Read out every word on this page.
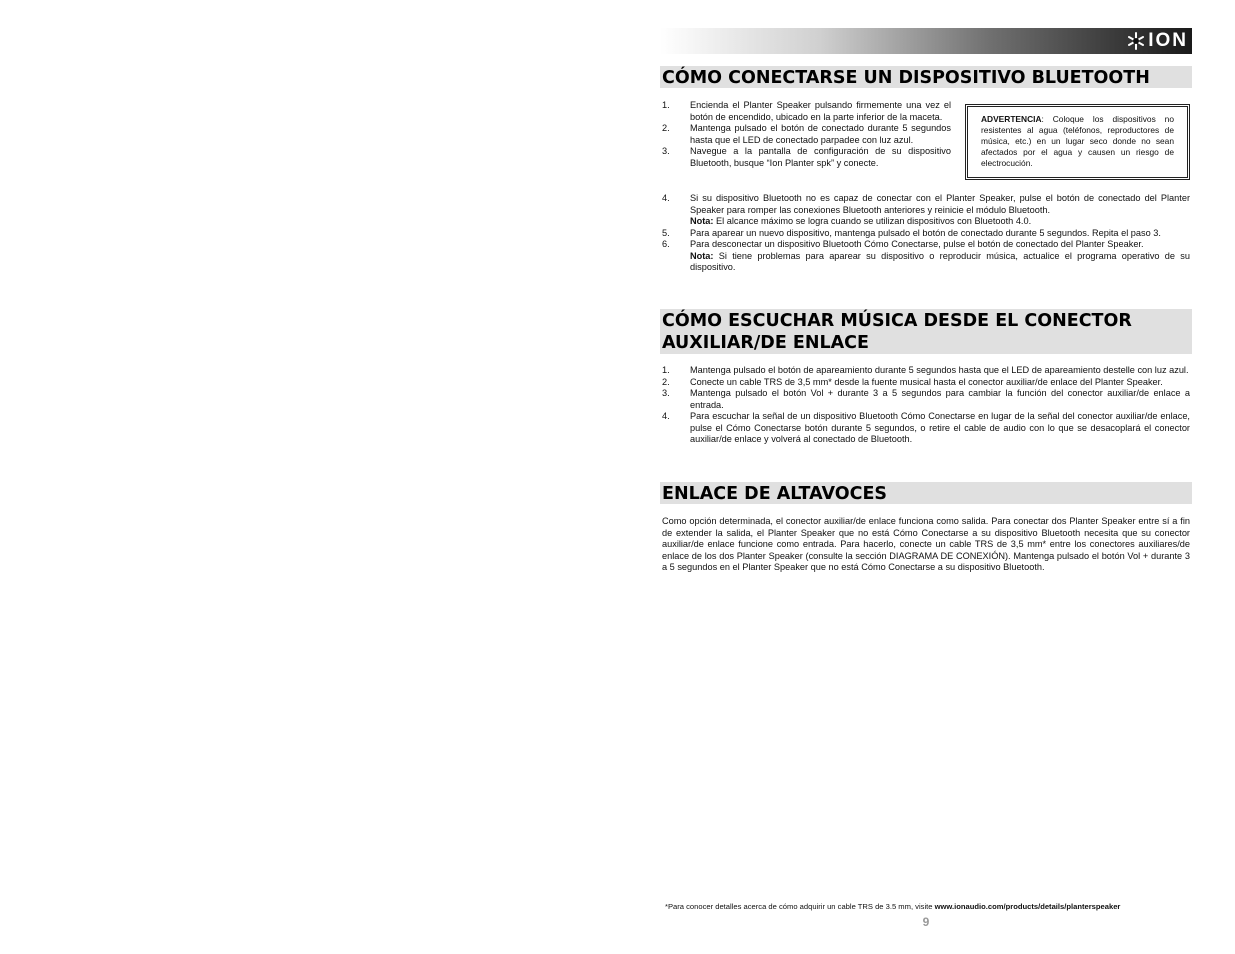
ION
CÓMO CONECTARSE UN DISPOSITIVO BLUETOOTH
ADVERTENCIA: Coloque los dispositivos no resistentes al agua (teléfonos, reproductores de música, etc.) en un lugar seco donde no sean afectados por el agua y causen un riesgo de electrocución.
1. Encienda el Planter Speaker pulsando firmemente una vez el botón de encendido, ubicado en la parte inferior de la maceta.
2. Mantenga pulsado el botón de conectado durante 5 segundos hasta que el LED de conectado parpadee con luz azul.
3. Navegue a la pantalla de configuración de su dispositivo Bluetooth, busque “Ion Planter spk” y conecte.
4. Si su dispositivo Bluetooth no es capaz de conectar con el Planter Speaker, pulse el botón de conectado del Planter Speaker para romper las conexiones Bluetooth anteriores y reinicie el módulo Bluetooth.
Nota: El alcance máximo se logra cuando se utilizan dispositivos con Bluetooth 4.0.
5. Para aparear un nuevo dispositivo, mantenga pulsado el botón de conectado durante 5 segundos. Repita el paso 3.
6. Para desconectar un dispositivo Bluetooth Cómo Conectarse, pulse el botón de conectado del Planter Speaker.
Nota: Si tiene problemas para aparear su dispositivo o reproducir música, actualice el programa operativo de su dispositivo.
CÓMO ESCUCHAR MÚSICA DESDE EL CONECTOR AUXILIAR/DE ENLACE
1. Mantenga pulsado el botón de apareamiento durante 5 segundos hasta que el LED de apareamiento destelle con luz azul.
2. Conecte un cable TRS de 3,5 mm* desde la fuente musical hasta el conector auxiliar/de enlace del Planter Speaker.
3. Mantenga pulsado el botón Vol + durante 3 a 5 segundos para cambiar la función del conector auxiliar/de enlace a entrada.
4. Para escuchar la señal de un dispositivo Bluetooth Cómo Conectarse en lugar de la señal del conector auxiliar/de enlace, pulse el Cómo Conectarse botón durante 5 segundos, o retire el cable de audio con lo que se desacoplará el conector auxiliar/de enlace y volverá al conectado de Bluetooth.
ENLACE DE ALTAVOCES

Como opción determinada, el conector auxiliar/de enlace funciona como salida. Para conectar dos Planter Speaker entre sí a fin de extender la salida, el Planter Speaker que no está Cómo Conectarse a su dispositivo Bluetooth necesita que su conector auxiliar/de enlace funcione como entrada. Para hacerlo, conecte un cable TRS de 3,5 mm* entre los conectores auxiliares/de enlace de los dos Planter Speaker (consulte la sección DIAGRAMA DE CONEXIÓN). Mantenga pulsado el botón Vol + durante 3 a 5 segundos en el Planter Speaker que no está Cómo Conectarse a su dispositivo Bluetooth.

*Para conocer detalles acerca de cómo adquirir un cable TRS de 3.5 mm, visite www.ionaudio.com/products/details/planterspeaker
9
